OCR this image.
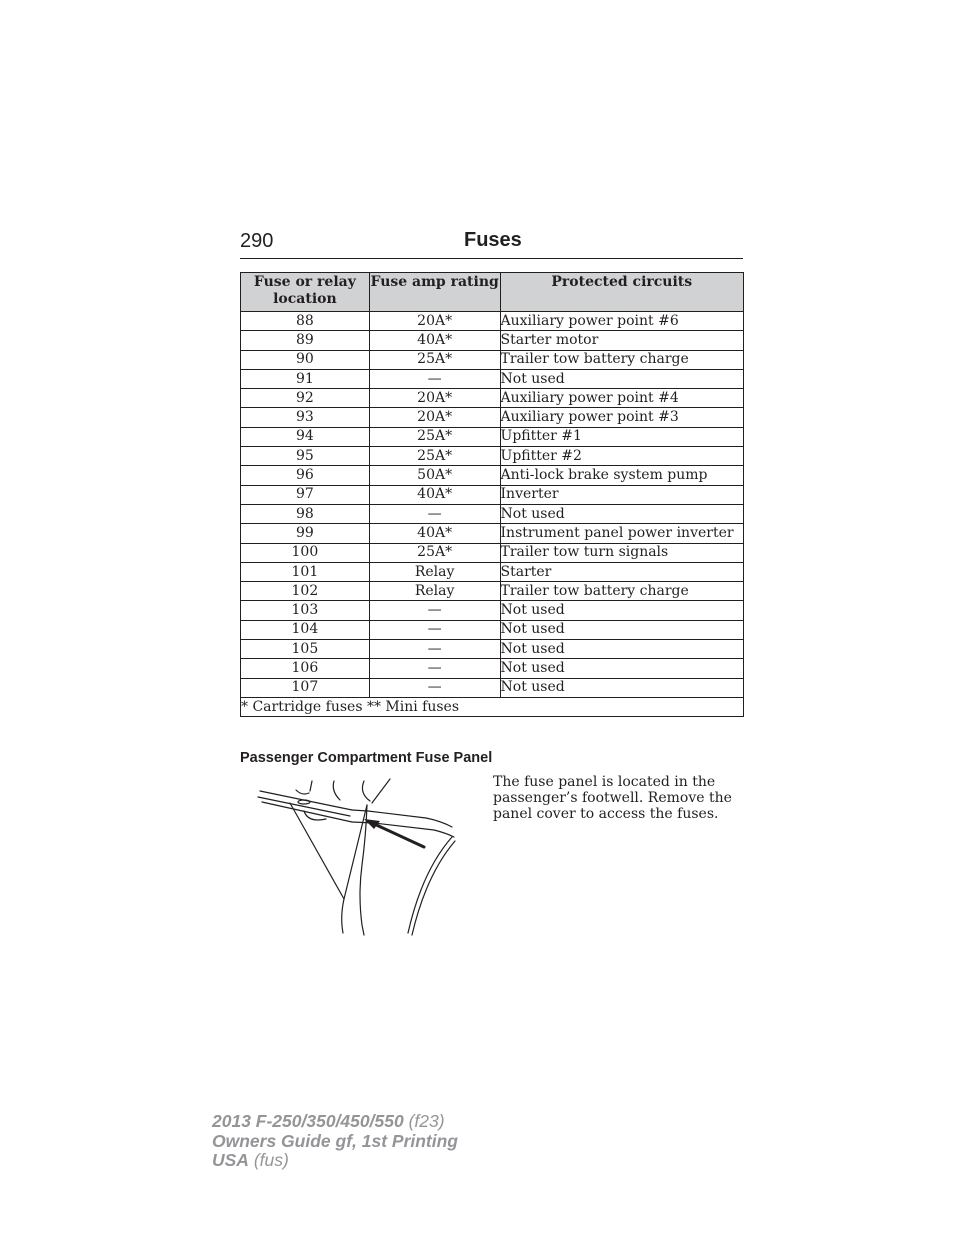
290	Fuses
Fuse or relay location	Fuse amp rating	Protected circuits
88	20A*	Auxiliary power point #6
89	40A*	Starter motor
90	25A*	Trailer tow battery charge
91	—	Not used
92	20A*	Auxiliary power point #4
93	20A*	Auxiliary power point #3
94	25A*	Upfitter #1
95	25A*	Upfitter #2
96	50A*	Anti-lock brake system pump
97	40A*	Inverter
98	—	Not used
99	40A*	Instrument panel power inverter
100	25A*	Trailer tow turn signals
101	Relay	Starter
102	Relay	Trailer tow battery charge
103	—	Not used
104	—	Not used
105	—	Not used
106	—	Not used
107	—	Not used
* Cartridge fuses ** Mini fuses		
Passenger Compartment Fuse Panel
The fuse panel is located in the
passenger’s footwell. Remove the
panel cover to access the fuses.
2013 F-250/350/450/550 (f23)
Owners Guide gf, 1st Printing
USA (fus)
